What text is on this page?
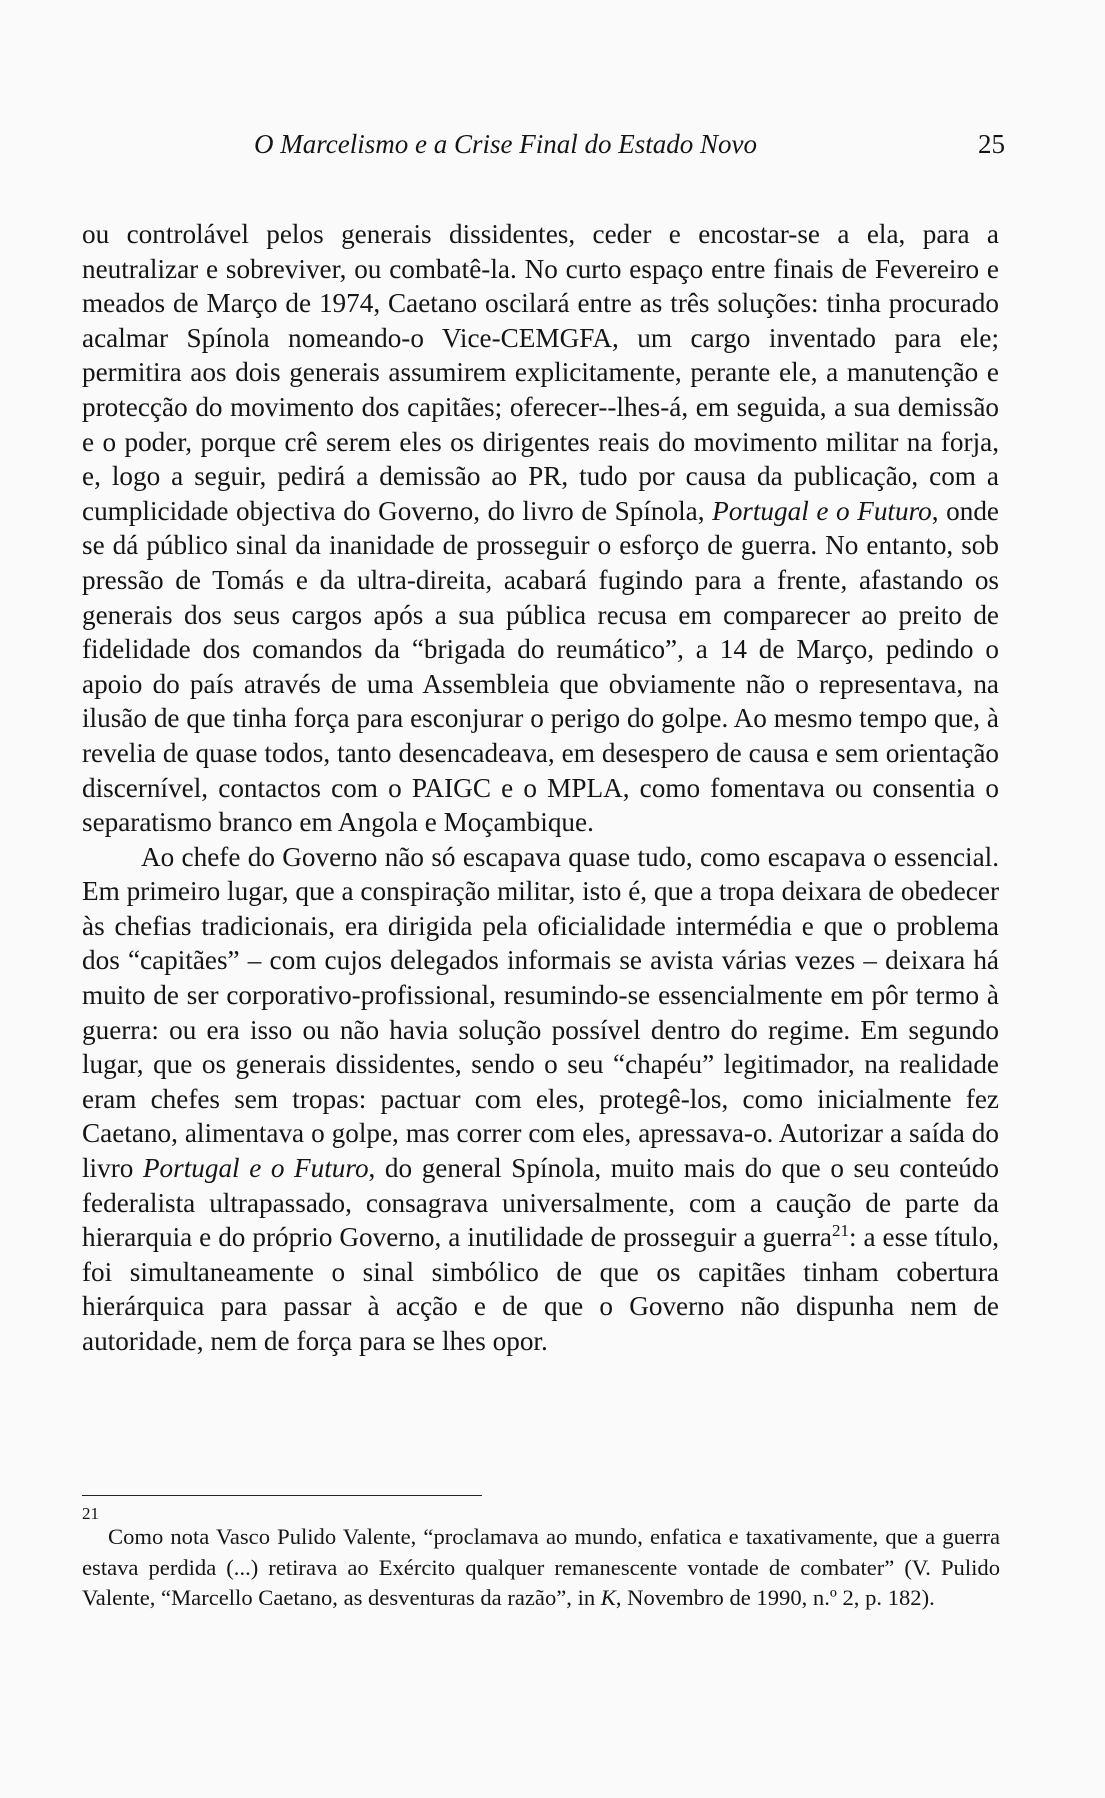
O Marcelismo e a Crise Final do Estado Novo	25

ou controlável pelos generais dissidentes, ceder e encostar-se a ela, para a neutralizar e sobreviver, ou combatê-la. No curto espaço entre finais de Fevereiro e meados de Março de 1974, Caetano oscilará entre as três soluções: tinha procurado acalmar Spínola nomeando-o Vice-CEMGFA, um cargo inventado para ele; permitira aos dois generais assumirem explicitamente, perante ele, a manutenção e protecção do movimento dos capitães; oferecer--lhes-á, em seguida, a sua demissão e o poder, porque crê serem eles os dirigentes reais do movimento militar na forja, e, logo a seguir, pedirá a demissão ao PR, tudo por causa da publicação, com a cumplicidade objectiva do Governo, do livro de Spínola, Portugal e o Futuro, onde se dá público sinal da inanidade de prosseguir o esforço de guerra. No entanto, sob pressão de Tomás e da ultra-direita, acabará fugindo para a frente, afastando os generais dos seus cargos após a sua pública recusa em comparecer ao preito de fidelidade dos comandos da “brigada do reumático”, a 14 de Março, pedindo o apoio do país através de uma Assembleia que obviamente não o representava, na ilusão de que tinha força para esconjurar o perigo do golpe. Ao mesmo tempo que, à revelia de quase todos, tanto desencadeava, em desespero de causa e sem orientação discernível, contactos com o PAIGC e o MPLA, como fomentava ou consentia o separatismo branco em Angola e Moçambique.

Ao chefe do Governo não só escapava quase tudo, como escapava o essencial. Em primeiro lugar, que a conspiração militar, isto é, que a tropa deixara de obedecer às chefias tradicionais, era dirigida pela oficialidade intermédia e que o problema dos “capitães” – com cujos delegados informais se avista várias vezes – deixara há muito de ser corporativo-profissional, resumindo-se essencialmente em pôr termo à guerra: ou era isso ou não havia solução possível dentro do regime. Em segundo lugar, que os generais dissidentes, sendo o seu “chapéu” legitimador, na realidade eram chefes sem tropas: pactuar com eles, protegê-los, como inicialmente fez Caetano, alimentava o golpe, mas correr com eles, apressava-o. Autorizar a saída do livro Portugal e o Futuro, do general Spínola, muito mais do que o seu conteúdo federalista ultrapassado, consagrava universalmente, com a caução de parte da hierarquia e do próprio Governo, a inutilidade de prosseguir a guerra$^{21}$: a esse título, foi simultaneamente o sinal simbólico de que os capitães tinham cobertura hierárquica para passar à acção e de que o Governo não dispunha nem de autoridade, nem de força para se lhes opor.

21

Como nota Vasco Pulido Valente, “proclamava ao mundo, enfatica e taxativamente, que a guerra estava perdida (...) retirava ao Exército qualquer remanescente vontade de combater” (V. Pulido Valente, “Marcello Caetano, as desventuras da razão”, in K, Novembro de 1990, n.º 2, p. 182).
